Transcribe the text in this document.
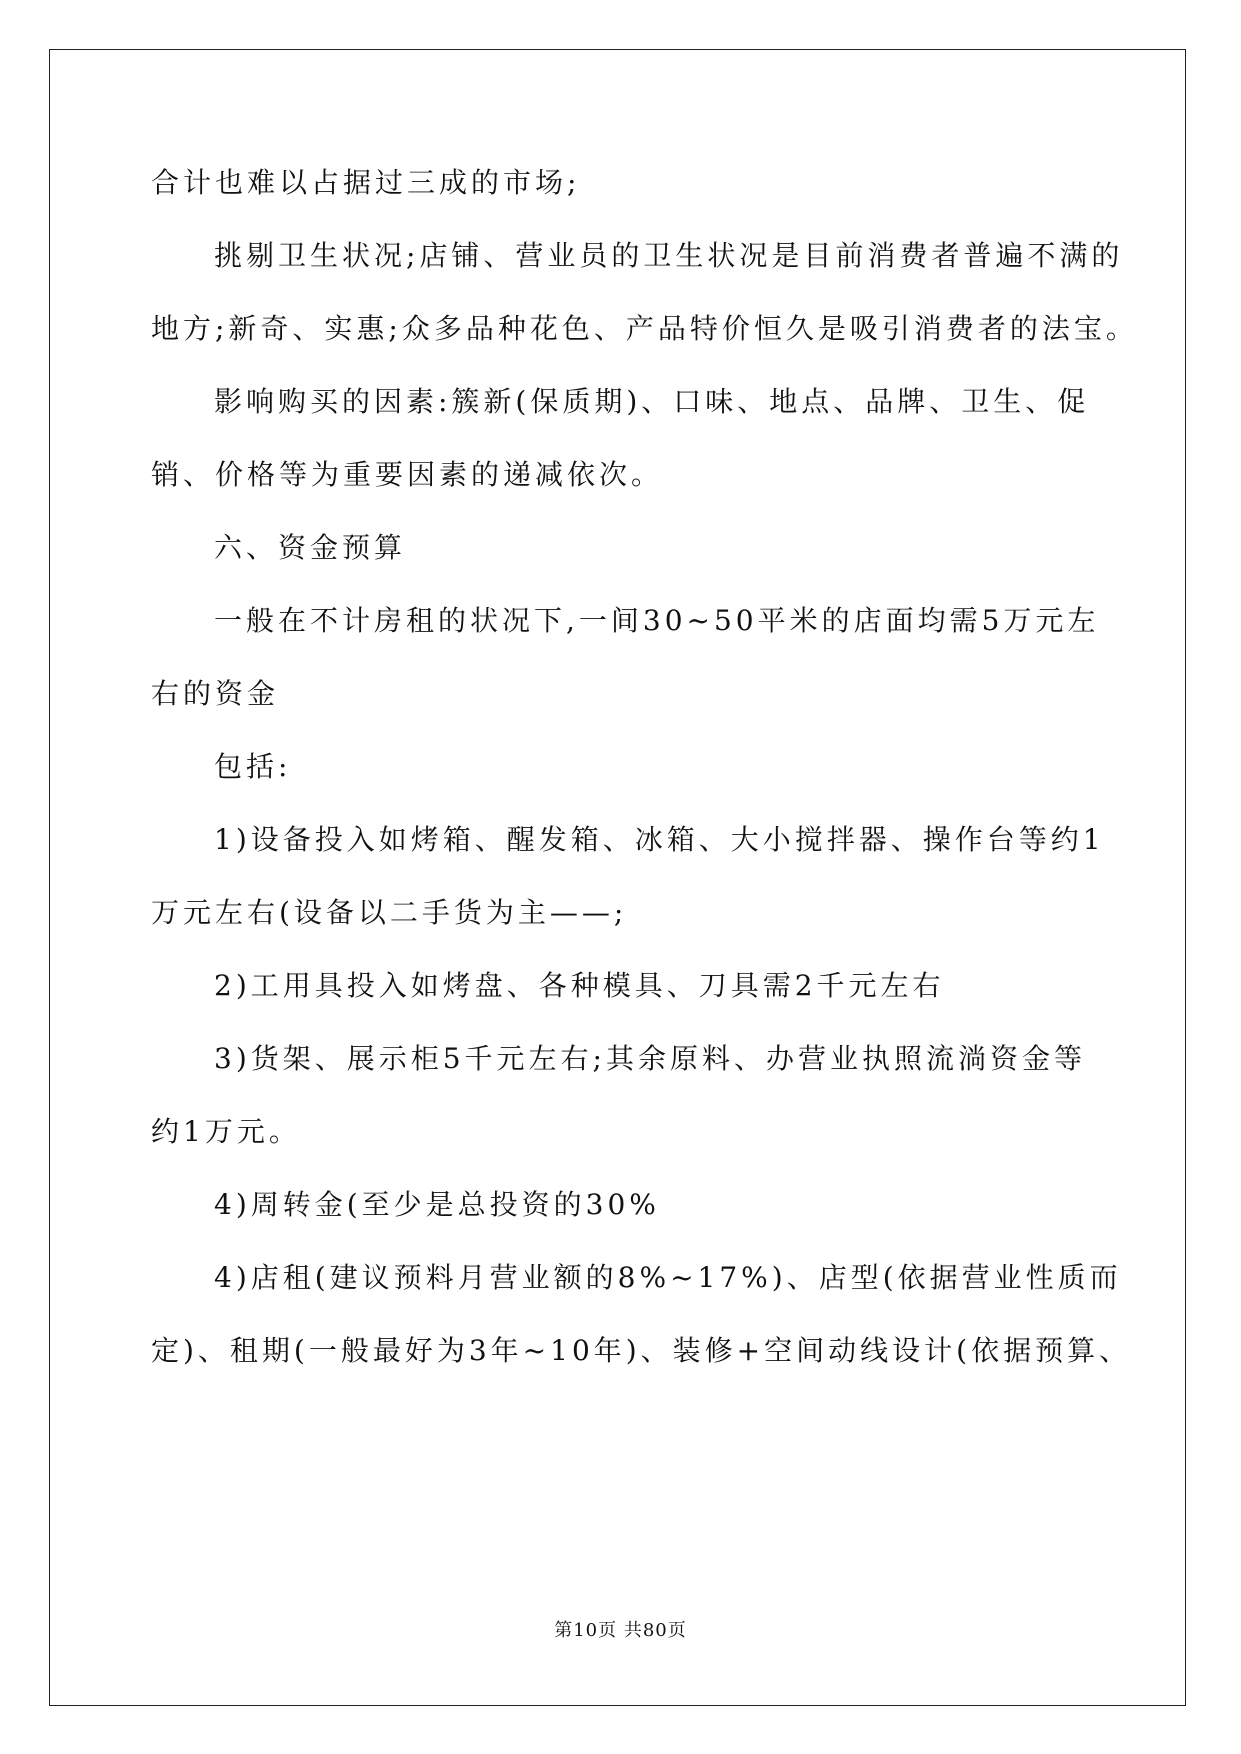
合计也难以占据过三成的市场;
挑剔卫生状况;店铺、营业员的卫生状况是目前消费者普遍不满的
地方;新奇、实惠;众多品种花色、产品特价恒久是吸引消费者的法宝。
影响购买的因素:簇新(保质期)、口味、地点、品牌、卫生、促
销、价格等为重要因素的递减依次。
六、资金预算
一般在不计房租的状况下,一间30~50平米的店面均需5万元左
右的资金
包括:
1)设备投入如烤箱、醒发箱、冰箱、大小搅拌器、操作台等约1
万元左右(设备以二手货为主——;
2)工用具投入如烤盘、各种模具、刀具需2千元左右
3)货架、展示柜5千元左右;其余原料、办营业执照流淌资金等
约1万元。
4)周转金(至少是总投资的30%
4)店租(建议预料月营业额的8%~17%)、店型(依据营业性质而
定)、租期(一般最好为3年~10年)、装修+空间动线设计(依据预算、
第10页 共80页
